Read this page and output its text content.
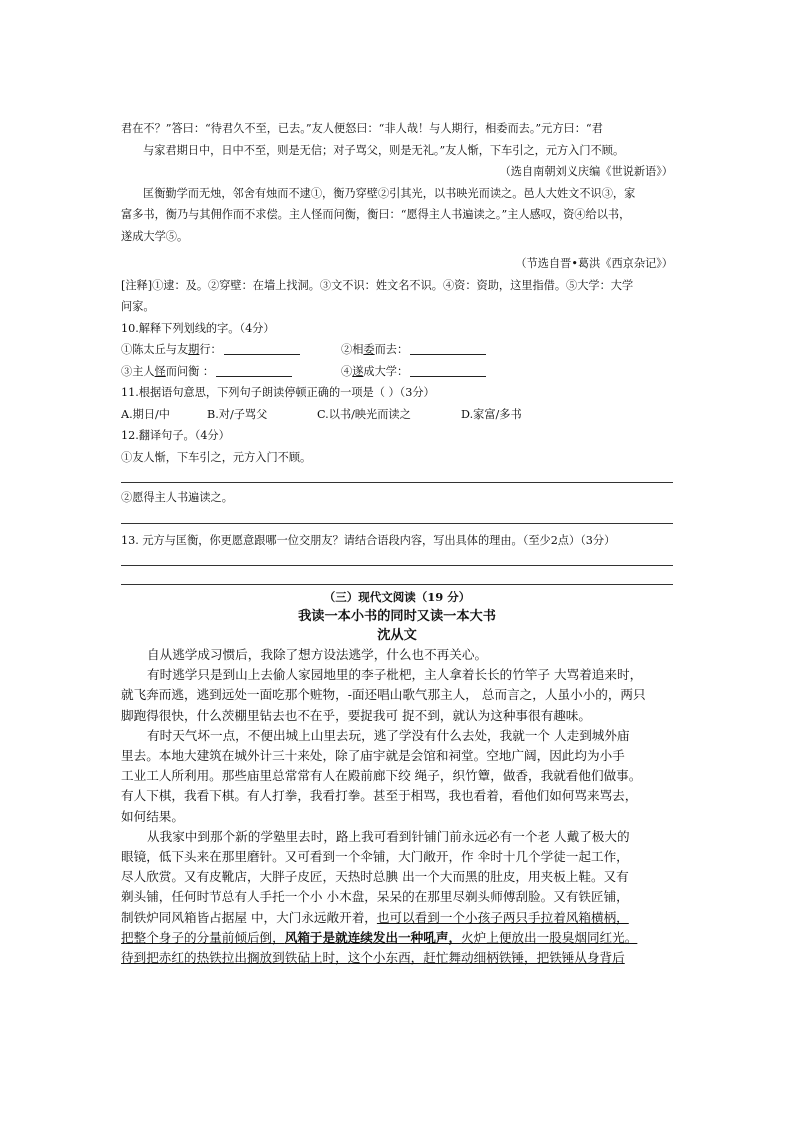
君在不？”答曰：“待君久不至，已去。”友人便怒曰：“非人哉！与人期行，相委而去。”元方曰：“君

与家君期日中，日中不至，则是无信；对子骂父，则是无礼。”友人惭，下车引之，元方入门不顾。

（选自南朝刘义庆编《世说新语》）

匡衡勤学而无烛，邻舍有烛而不逮①，衡乃穿壁②引其光，以书映光而读之。邑人大姓文不识③，家

富多书，衡乃与其佣作而不求偿。主人怪而问衡，衡曰：“愿得主人书遍读之。”主人感叹，资④给以书，

遂成大学⑤。

（节选自晋•葛洪《西京杂记》）

[注释]①逮：及。②穿壁：在墙上找洞。③文不识：姓文名不识。④资：资助，这里指借。⑤大学：大学

问家。

10.解释下列划线的字。（4分）

①陈太丘与友期行：	②相委而去：

③主人怪而问衡 ：	④遂成大学：

11.根据语句意思，下列句子朗读停顿正确的一项是（ ）（3分）

A.期日/中	B.对/子骂父	C.以书/映光而读之	D.家富/多书

12.翻译句子。（4分）

①友人惭，下车引之，元方入门不顾。

②愿得主人书遍读之。

13. 元方与匡衡，你更愿意跟哪一位交朋友？请结合语段内容，写出具体的理由。（至少2点）（3分）

（三）现代文阅读（19 分）

我读一本小书的同时又读一本大书

沈从文

自从逃学成习惯后，我除了想方设法逃学，什么也不再关心。

有时逃学只是到山上去偷人家园地里的李子枇杷，主人拿着长长的竹竿子 大骂着追来时，

就飞奔而逃，逃到远处一面吃那个赃物，-面还唱山歌气那主人， 总而言之，人虽小小的，两只

脚跑得很快，什么茨棚里钻去也不在乎，要捉我可 捉不到，就认为这种事很有趣味。

有时天气坏一点，不便出城上山里去玩，逃了学没有什么去处，我就一个 人走到城外庙

里去。本地大建筑在城外计三十来处，除了庙宇就是会馆和祠堂。空地广阔，因此均为小手

工业工人所利用。那些庙里总常常有人在殿前廊下绞 绳子，织竹簟，做香，我就看他们做事。

有人下棋，我看下棋。有人打拳，我看打拳。甚至于相骂，我也看着，看他们如何骂来骂去，

如何结果。

从我家中到那个新的学塾里去时，路上我可看到针铺门前永远必有一个老 人戴了极大的

眼镜，低下头来在那里磨针。又可看到一个伞铺，大门敞开，作 伞时十几个学徒一起工作，

尽人欣赏。又有皮靴店，大胖子皮匠，天热时总腆 出一个大而黑的肚皮，用夹板上鞋。又有

剃头铺，任何时节总有人手托一个小 小木盘，呆呆的在那里尽剃头师傅刮脸。又有铁匠铺，

制铁炉同风箱皆占据屋 中，大门永远敞开着，也可以看到一个小孩子两只手拉着风箱横柄，

把整个身子的分量前倾后倒，风箱于是就连续发出一种吼声，火炉上便放出一股臭烟同红光。

待到把赤红的热铁拉出搁放到铁砧上时，这个小东西，赶忙舞动细柄铁锤，把铁锤从身背后
